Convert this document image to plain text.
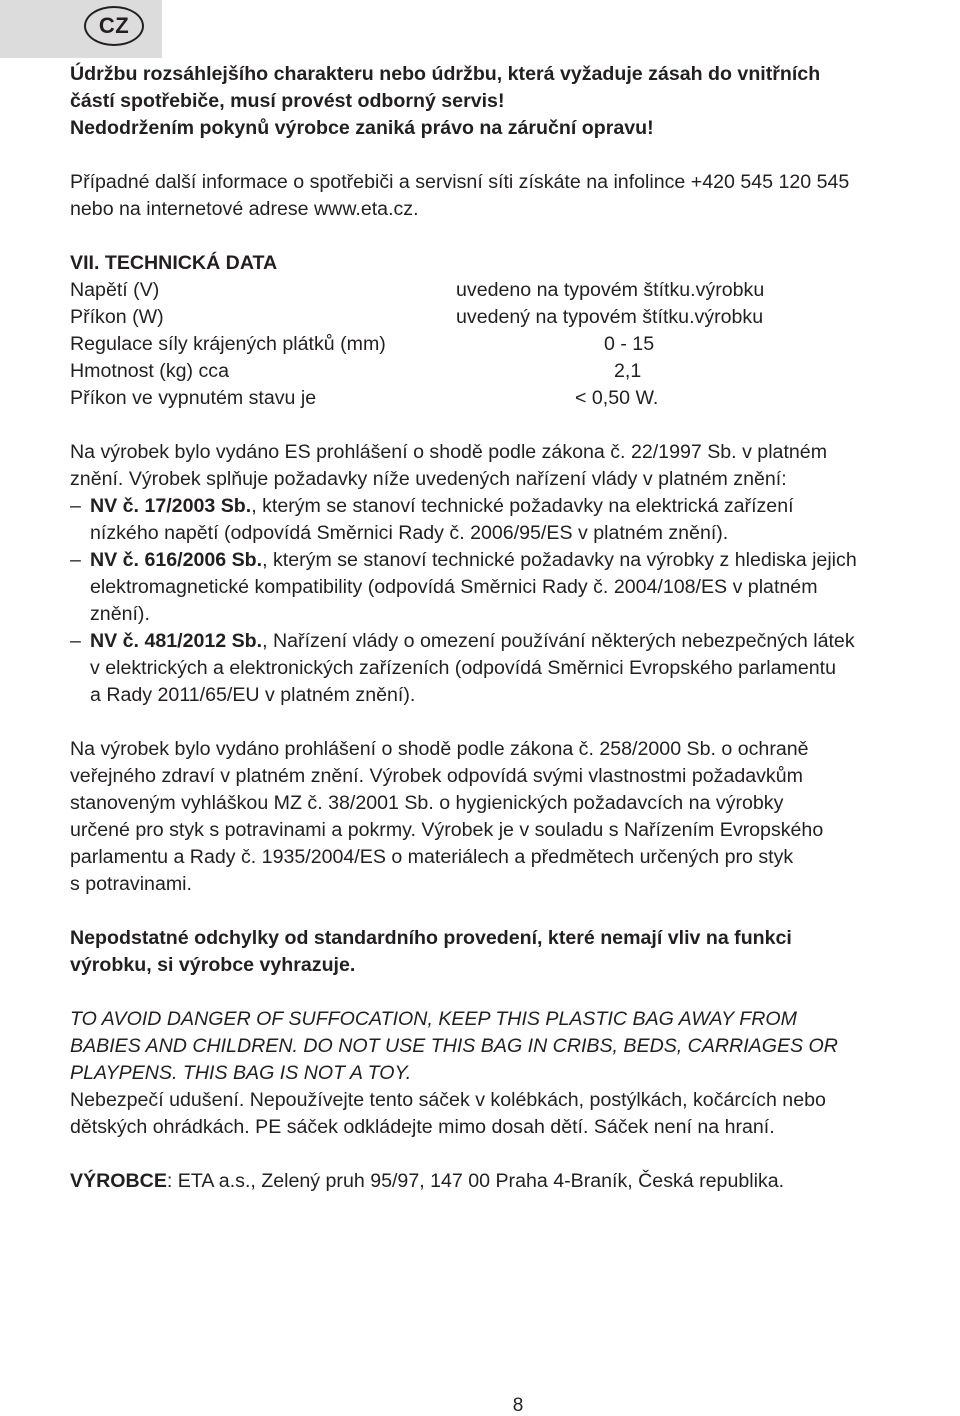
CZ

Údržbu rozsáhlejšího charakteru nebo údržbu, která vyžaduje zásah do vnitřních

částí spotřebiče, musí provést odborný servis!

Nedodržením pokynů výrobce zaniká právo na záruční opravu!

Případné další informace o spotřebiči a servisní síti získáte na infolince +420 545 120 545

nebo na internetové adrese www.eta.cz.

VII. TECHNICKÁ DATA

Napětí (V)	uvedeno na typovém štítku.výrobku
Příkon (W)	uvedený na typovém štítku.výrobku
Regulace síly krájených plátků (mm)	0 - 15
Hmotnost (kg) cca	2,1
Příkon ve vypnutém stavu je	< 0,50 W.

Na výrobek bylo vydáno ES prohlášení o shodě podle zákona č. 22/1997 Sb. v platném

znění. Výrobek splňuje požadavky níže uvedených nařízení vlády v platném znění:

– NV č. 17/2003 Sb., kterým se stanoví technické požadavky na elektrická zařízení

nízkého napětí (odpovídá Směrnici Rady č. 2006/95/ES v platném znění).

– NV č. 616/2006 Sb., kterým se stanoví technické požadavky na výrobky z hlediska jejich

elektromagnetické kompatibility (odpovídá Směrnici Rady č. 2004/108/ES v platném

znění).

– NV č. 481/2012 Sb., Nařízení vlády o omezení používání některých nebezpečných látek

v elektrických a elektronických zařízeních (odpovídá Směrnici Evropského parlamentu

a Rady 2011/65/EU v platném znění).

Na výrobek bylo vydáno prohlášení o shodě podle zákona č. 258/2000 Sb. o ochraně

veřejného zdraví v platném znění. Výrobek odpovídá svými vlastnostmi požadavkům

stanoveným vyhláškou MZ č. 38/2001 Sb. o hygienických požadavcích na výrobky

určené pro styk s potravinami a pokrmy. Výrobek je v souladu s Nařízením Evropského

parlamentu a Rady č. 1935/2004/ES o materiálech a předmětech určených pro styk

s potravinami.

Nepodstatné odchylky od standardního provedení, které nemají vliv na funkci

výrobku, si výrobce vyhrazuje.

TO AVOID DANGER OF SUFFOCATION, KEEP THIS PLASTIC BAG AWAY FROM

BABIES AND CHILDREN. DO NOT USE THIS BAG IN CRIBS, BEDS, CARRIAGES OR

PLAYPENS. THIS BAG IS NOT A TOY.

Nebezpečí udušení. Nepoužívejte tento sáček v kolébkách, postýlkách, kočárcích nebo

dětských ohrádkách. PE sáček odkládejte mimo dosah dětí. Sáček není na hraní.

VÝROBCE: ETA a.s., Zelený pruh 95/97, 147 00 Praha 4-Braník, Česká republika.

8
